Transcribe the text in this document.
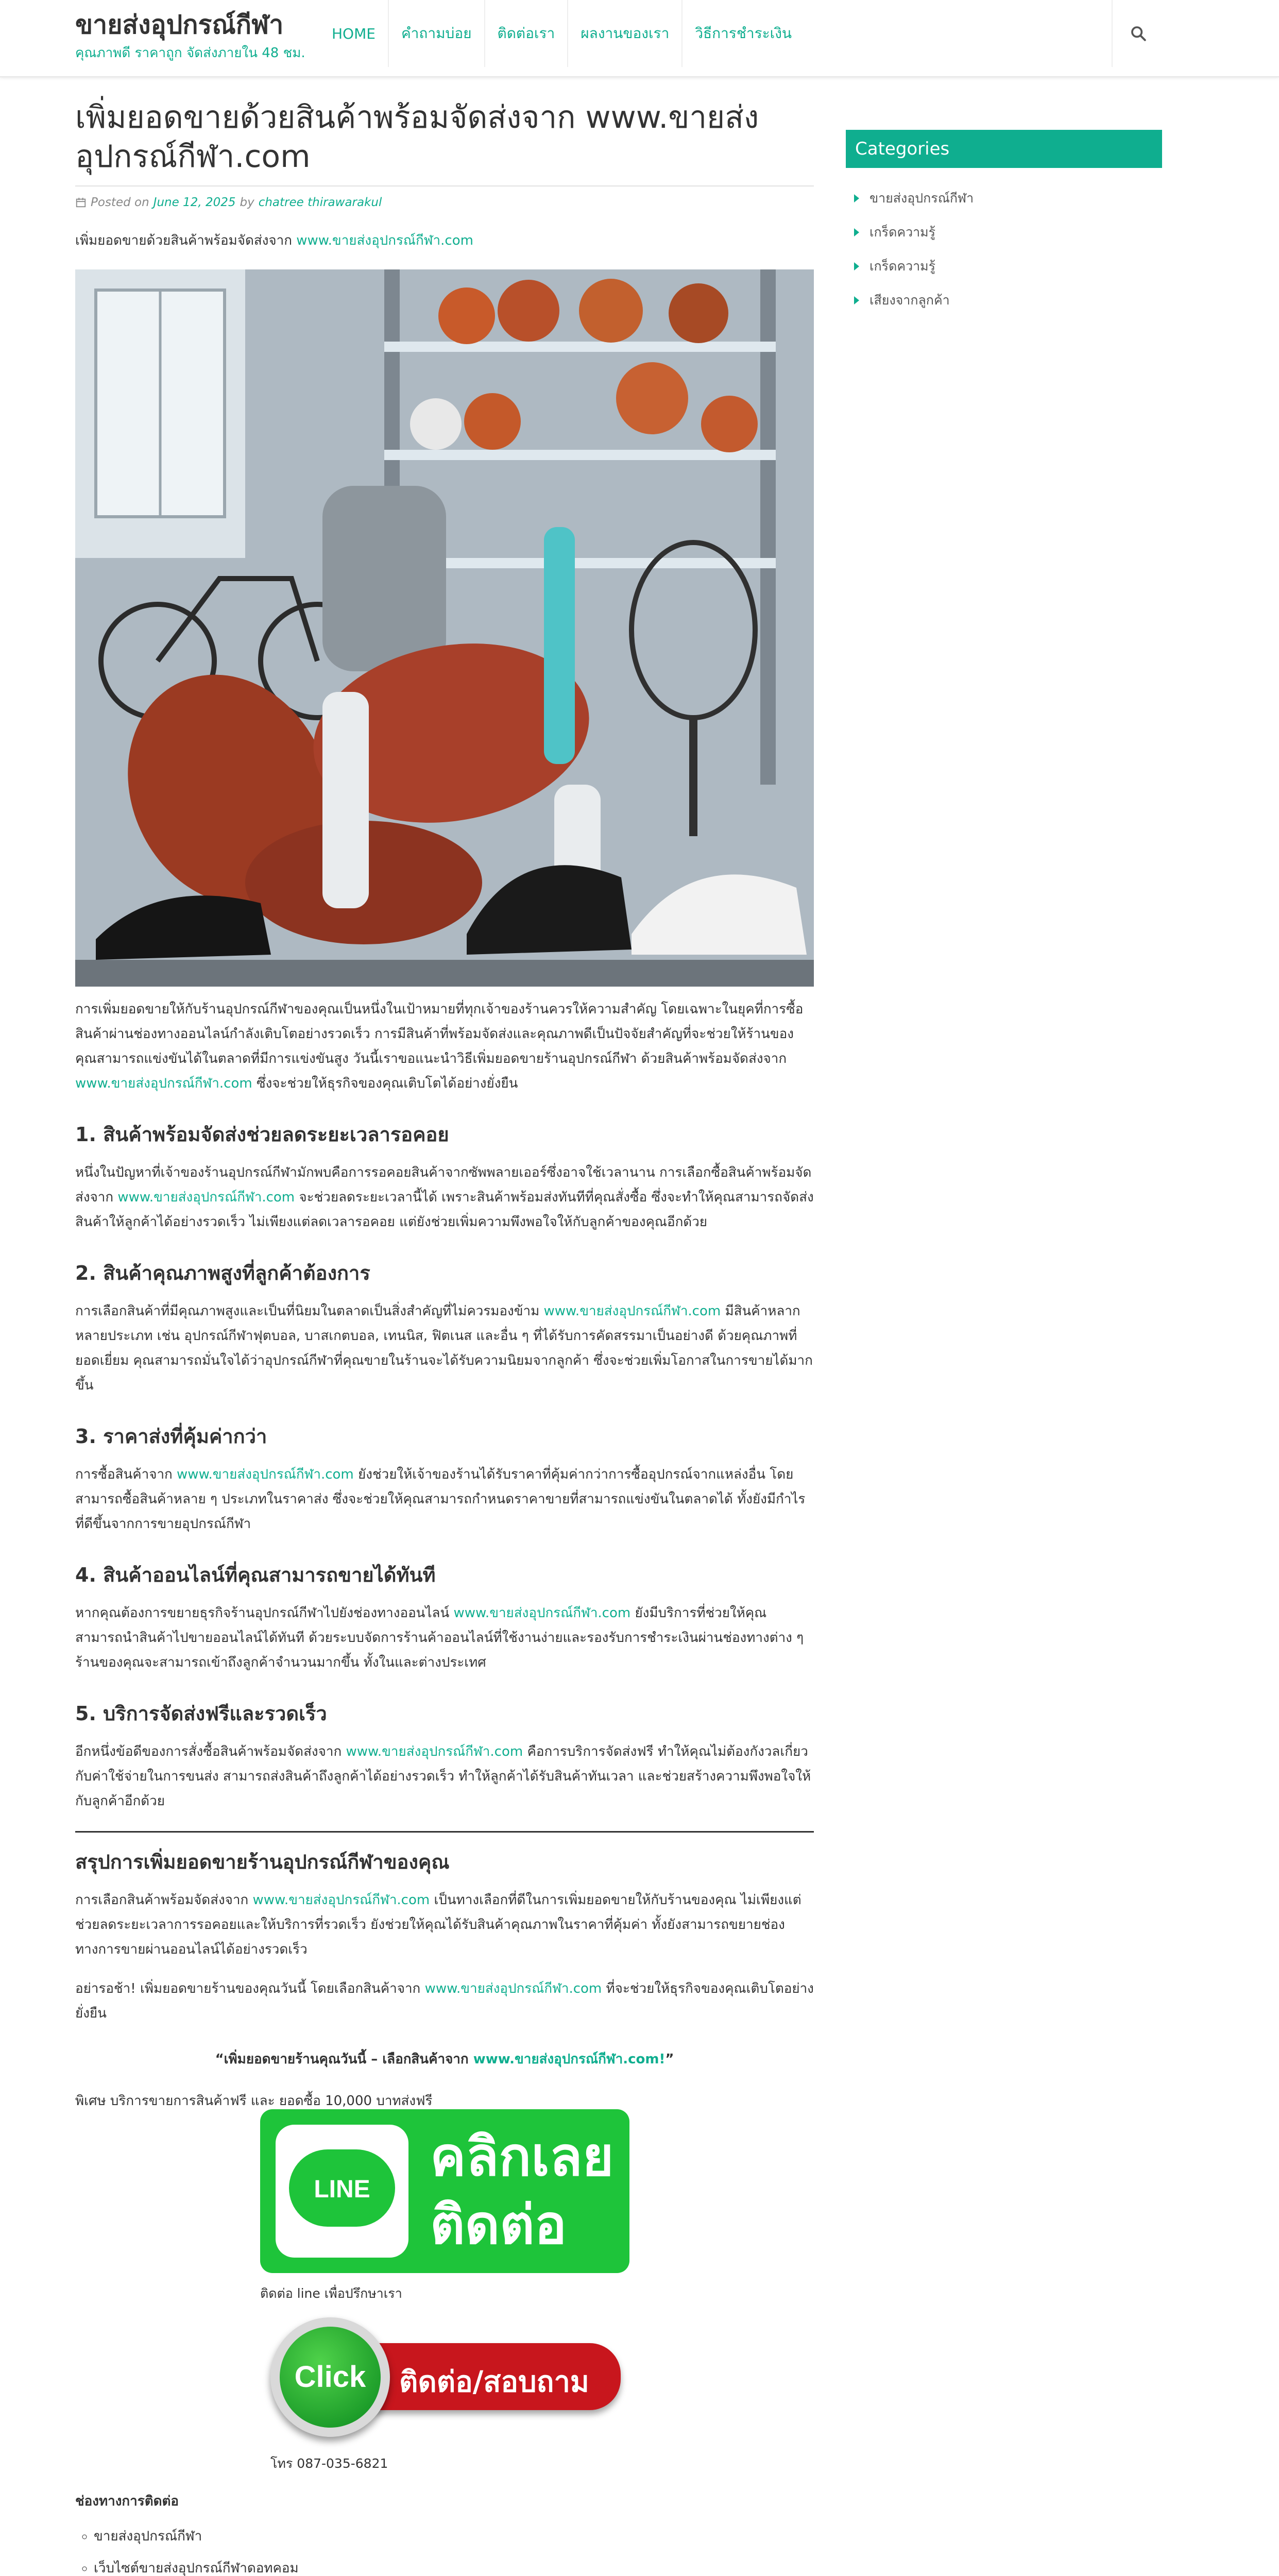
ขายส่งอุปกรณ์กีฬา
คุณภาพดี ราคาถูก จัดส่งภายใน 48 ชม.
HOME	คำถามบ่อย	ติดต่อเรา	ผลงานของเรา	วิธีการชำระเงิน
เพิ่มยอดขายด้วยสินค้าพร้อมจัดส่งจาก www.ขายส่งอุปกรณ์กีฬา.com
Posted on June 12, 2025 by chatree thirawarakul
เพิ่มยอดขายด้วยสินค้าพร้อมจัดส่งจาก www.ขายส่งอุปกรณ์กีฬา.com

การเพิ่มยอดขายให้กับร้านอุปกรณ์กีฬาของคุณเป็นหนึ่งในเป้าหมายที่ทุกเจ้าของร้านควรให้ความสำคัญ โดยเฉพาะในยุคที่การซื้อสินค้าผ่านช่องทางออนไลน์กำลังเติบโตอย่างรวดเร็ว การมีสินค้าที่พร้อมจัดส่งและคุณภาพดีเป็นปัจจัยสำคัญที่จะช่วยให้ร้านของคุณสามารถแข่งขันได้ในตลาดที่มีการแข่งขันสูง วันนี้เราขอแนะนำวิธีเพิ่มยอดขายร้านอุปกรณ์กีฬา ด้วยสินค้าพร้อมจัดส่งจาก www.ขายส่งอุปกรณ์กีฬา.com ซึ่งจะช่วยให้ธุรกิจของคุณเติบโตได้อย่างยั่งยืน

1. สินค้าพร้อมจัดส่งช่วยลดระยะเวลารอคอย

หนึ่งในปัญหาที่เจ้าของร้านอุปกรณ์กีฬามักพบคือการรอคอยสินค้าจากซัพพลายเออร์ซึ่งอาจใช้เวลานาน การเลือกซื้อสินค้าพร้อมจัดส่งจาก www.ขายส่งอุปกรณ์กีฬา.com จะช่วยลดระยะเวลานี้ได้ เพราะสินค้าพร้อมส่งทันทีที่คุณสั่งซื้อ ซึ่งจะทำให้คุณสามารถจัดส่งสินค้าให้ลูกค้าได้อย่างรวดเร็ว ไม่เพียงแต่ลดเวลารอคอย แต่ยังช่วยเพิ่มความพึงพอใจให้กับลูกค้าของคุณอีกด้วย

2. สินค้าคุณภาพสูงที่ลูกค้าต้องการ

การเลือกสินค้าที่มีคุณภาพสูงและเป็นที่นิยมในตลาดเป็นสิ่งสำคัญที่ไม่ควรมองข้าม www.ขายส่งอุปกรณ์กีฬา.com มีสินค้าหลากหลายประเภท เช่น อุปกรณ์กีฬาฟุตบอล, บาสเกตบอล, เทนนิส, ฟิตเนส และอื่น ๆ ที่ได้รับการคัดสรรมาเป็นอย่างดี ด้วยคุณภาพที่ยอดเยี่ยม คุณสามารถมั่นใจได้ว่าอุปกรณ์กีฬาที่คุณขายในร้านจะได้รับความนิยมจากลูกค้า ซึ่งจะช่วยเพิ่มโอกาสในการขายได้มากขึ้น

3. ราคาส่งที่คุ้มค่ากว่า

การซื้อสินค้าจาก www.ขายส่งอุปกรณ์กีฬา.com ยังช่วยให้เจ้าของร้านได้รับราคาที่คุ้มค่ากว่าการซื้ออุปกรณ์จากแหล่งอื่น โดยสามารถซื้อสินค้าหลาย ๆ ประเภทในราคาส่ง ซึ่งจะช่วยให้คุณสามารถกำหนดราคาขายที่สามารถแข่งขันในตลาดได้ ทั้งยังมีกำไรที่ดีขึ้นจากการขายอุปกรณ์กีฬา

4. สินค้าออนไลน์ที่คุณสามารถขายได้ทันที

หากคุณต้องการขยายธุรกิจร้านอุปกรณ์กีฬาไปยังช่องทางออนไลน์ www.ขายส่งอุปกรณ์กีฬา.com ยังมีบริการที่ช่วยให้คุณสามารถนำสินค้าไปขายออนไลน์ได้ทันที ด้วยระบบจัดการร้านค้าออนไลน์ที่ใช้งานง่ายและรองรับการชำระเงินผ่านช่องทางต่าง ๆ ร้านของคุณจะสามารถเข้าถึงลูกค้าจำนวนมากขึ้น ทั้งในและต่างประเทศ

5. บริการจัดส่งฟรีและรวดเร็ว

อีกหนึ่งข้อดีของการสั่งซื้อสินค้าพร้อมจัดส่งจาก www.ขายส่งอุปกรณ์กีฬา.com คือการบริการจัดส่งฟรี ทำให้คุณไม่ต้องกังวลเกี่ยวกับค่าใช้จ่ายในการขนส่ง สามารถส่งสินค้าถึงลูกค้าได้อย่างรวดเร็ว ทำให้ลูกค้าได้รับสินค้าทันเวลา และช่วยสร้างความพึงพอใจให้กับลูกค้าอีกด้วย

สรุปการเพิ่มยอดขายร้านอุปกรณ์กีฬาของคุณ

การเลือกสินค้าพร้อมจัดส่งจาก www.ขายส่งอุปกรณ์กีฬา.com เป็นทางเลือกที่ดีในการเพิ่มยอดขายให้กับร้านของคุณ ไม่เพียงแต่ช่วยลดระยะเวลาการรอคอยและให้บริการที่รวดเร็ว ยังช่วยให้คุณได้รับสินค้าคุณภาพในราคาที่คุ้มค่า ทั้งยังสามารถขยายช่องทางการขายผ่านออนไลน์ได้อย่างรวดเร็ว

อย่ารอช้า! เพิ่มยอดขายร้านของคุณวันนี้ โดยเลือกสินค้าจาก www.ขายส่งอุปกรณ์กีฬา.com ที่จะช่วยให้ธุรกิจของคุณเติบโตอย่างยั่งยืน

“เพิ่มยอดขายร้านคุณวันนี้ – เลือกสินค้าจาก www.ขายส่งอุปกรณ์กีฬา.com!”
พิเศษ บริการขายการสินค้าฟรี และ ยอดซื้อ 10,000 บาทส่งฟรี
LINE
คลิกเลย
ติดต่อเรา
ติดต่อ line เพื่อปรึกษาเรา
ติดต่อ/สอบถาม
Click
โทร 087-035-6821
ช่องทางการติดต่อ
◦ ขายส่งอุปกรณ์กีฬา
◦ เว็บไซต์ขายส่งอุปกรณ์กีฬาดอทคอม
Categories
ขายส่งอุปกรณ์กีฬา
เกร็ดความรู้
เกร็ดความรู้
เสียงจากลูกค้า
